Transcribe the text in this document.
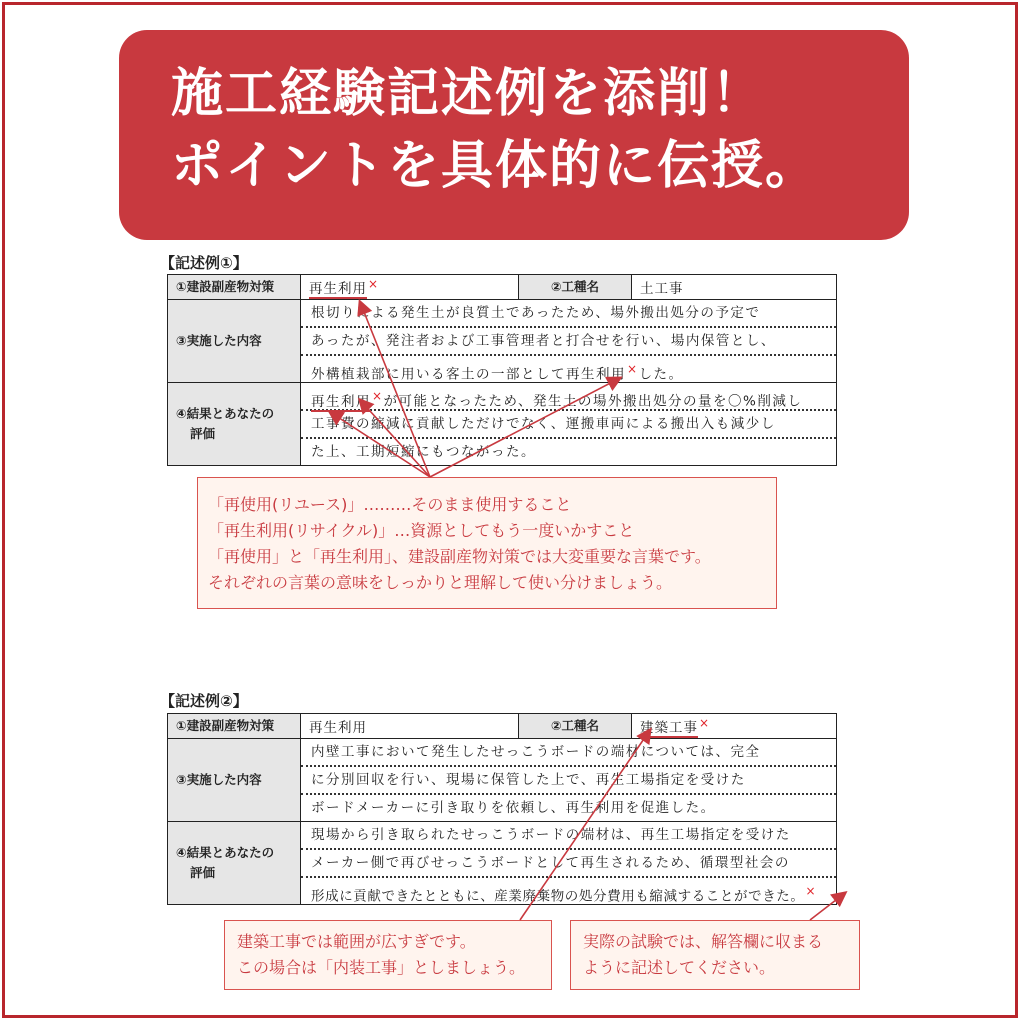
施工経験記述例を添削！
ポイントを具体的に伝授。
【記述例①】
①建設副産物対策	再生利用×	②工種名	土工事

③実施した内容	根切りによる発生土が良質土であったため、場外搬出処分の予定で
あったが、発注者および工事管理者と打合せを行い、場内保管とし、
外構植栽部に用いる客土の一部として再生利用×した。		

④結果とあなたの
評価	再生利用×が可能となったため、発生土の場外搬出処分の量を〇%削減し
工事費の縮減に貢献しただけでなく、運搬車両による搬出入も減少し
た上、工期短縮にもつながった。		
「再使用(リユース)」………そのまま使用すること
「再生利用(リサイクル)」…資源としてもう一度いかすこと
「再使用」と「再生利用」、建設副産物対策では大変重要な言葉です。
それぞれの言葉の意味をしっかりと理解して使い分けましょう。
【記述例②】
①建設副産物対策	再生利用	②工種名	建築工事×

③実施した内容	内壁工事において発生したせっこうボードの端材については、完全
に分別回収を行い、現場に保管した上で、再生工場指定を受けた
ボードメーカーに引き取りを依頼し、再生利用を促進した。		

④結果とあなたの
評価	現場から引き取られたせっこうボードの端材は、再生工場指定を受けた
メーカー側で再びせっこうボードとして再生されるため、循環型社会の
形成に貢献できたとともに、産業廃棄物の処分費用も縮減することができた。×		
建築工事では範囲が広すぎです。
この場合は「内装工事」としましょう。
実際の試験では、解答欄に収まる
ように記述してください。
